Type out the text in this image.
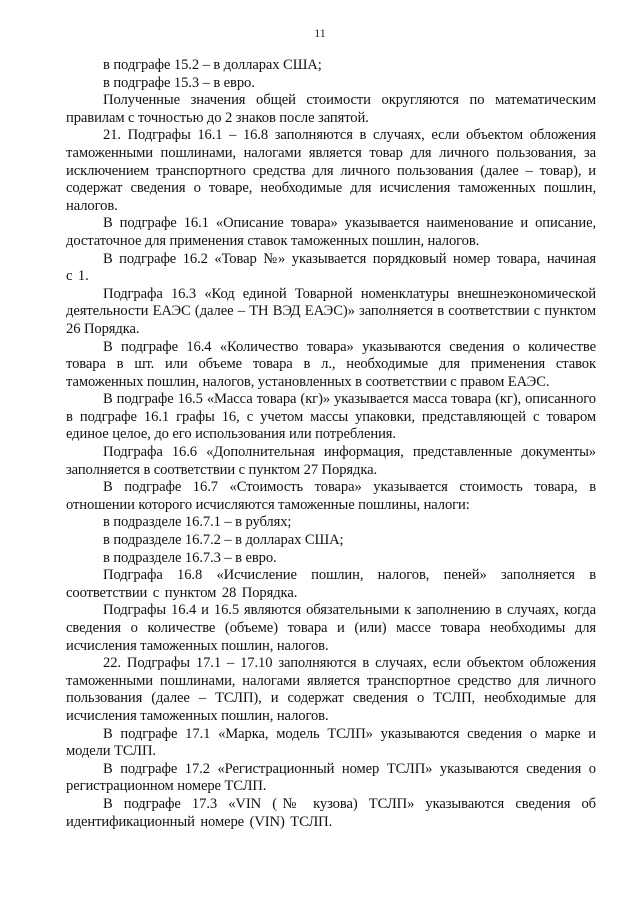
11

в подграфе 15.2 – в долларах США;

в подграфе 15.3 – в евро.

Полученные значения общей стоимости округляются по математическим правилам с точностью до 2 знаков после запятой.

21. Подграфы 16.1 – 16.8 заполняются в случаях, если объектом обложения таможенными пошлинами, налогами является товар для личного пользования, за исключением транспортного средства для личного пользования (далее – товар), и содержат сведения о товаре, необходимые для исчисления таможенных пошлин, налогов.

В подграфе 16.1 «Описание товара» указывается наименование и описание, достаточное для применения ставок таможенных пошлин, налогов.

В подграфе 16.2 «Товар №» указывается порядковый номер товара, начиная с 1.

Подграфа 16.3 «Код единой Товарной номенклатуры внешнеэкономической деятельности ЕАЭС (далее – ТН ВЭД ЕАЭС)» заполняется в соответствии с пунктом 26 Порядка.

В подграфе 16.4 «Количество товара» указываются сведения о количестве товара в шт. или объеме товара в л., необходимые для применения ставок таможенных пошлин, налогов, установленных в соответствии с правом ЕАЭС.

В подграфе 16.5 «Масса товара (кг)» указывается масса товара (кг), описанного в подграфе 16.1 графы 16, с учетом массы упаковки, представляющей с товаром единое целое, до его использования или потребления.

Подграфа 16.6 «Дополнительная информация, представленные документы» заполняется в соответствии с пунктом 27 Порядка.

В подграфе 16.7 «Стоимость товара» указывается стоимость товара, в отношении которого исчисляются таможенные пошлины, налоги:

в подразделе 16.7.1 – в рублях;

в подразделе 16.7.2 – в долларах США;

в подразделе 16.7.3 – в евро.

Подграфа 16.8 «Исчисление пошлин, налогов, пеней» заполняется в соответствии с пунктом 28 Порядка.

Подграфы 16.4 и 16.5 являются обязательными к заполнению в случаях, когда сведения о количестве (объеме) товара и (или) массе товара необходимы для исчисления таможенных пошлин, налогов.

22. Подграфы 17.1 – 17.10 заполняются в случаях, если объектом обложения таможенными пошлинами, налогами является транспортное средство для личного пользования (далее – ТСЛП), и содержат сведения о ТСЛП, необходимые для исчисления таможенных пошлин, налогов.

В подграфе 17.1 «Марка, модель ТСЛП» указываются сведения о марке и модели ТСЛП.

В подграфе 17.2 «Регистрационный номер ТСЛП» указываются сведения о регистрационном номере ТСЛП.

В подграфе 17.3 «VIN (№ кузова) ТСЛП» указываются сведения об идентификационный номере (VIN) ТСЛП.
